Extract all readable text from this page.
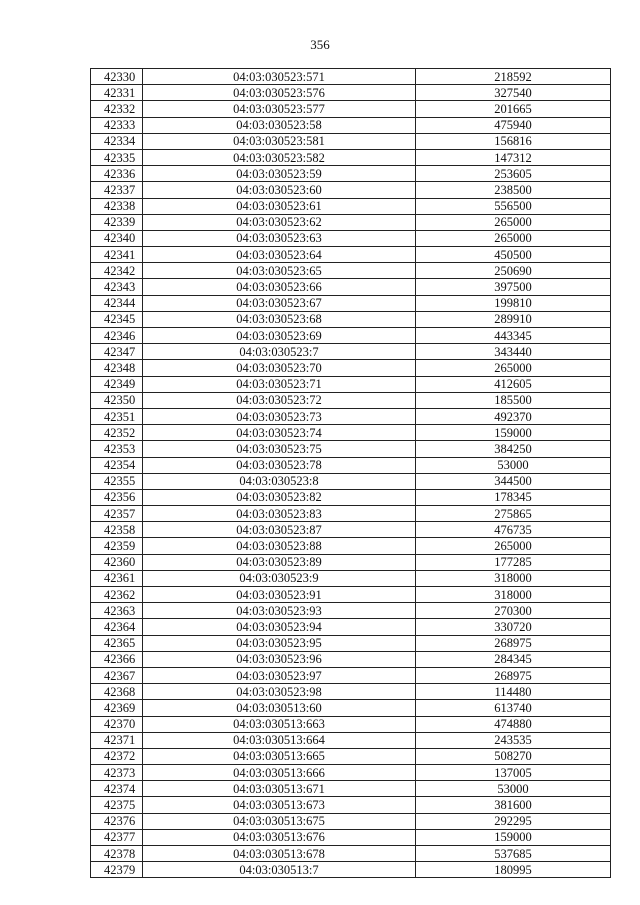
356
42330	04:03:030523:571	218592
42331	04:03:030523:576	327540
42332	04:03:030523:577	201665
42333	04:03:030523:58	475940
42334	04:03:030523:581	156816
42335	04:03:030523:582	147312
42336	04:03:030523:59	253605
42337	04:03:030523:60	238500
42338	04:03:030523:61	556500
42339	04:03:030523:62	265000
42340	04:03:030523:63	265000
42341	04:03:030523:64	450500
42342	04:03:030523:65	250690
42343	04:03:030523:66	397500
42344	04:03:030523:67	199810
42345	04:03:030523:68	289910
42346	04:03:030523:69	443345
42347	04:03:030523:7	343440
42348	04:03:030523:70	265000
42349	04:03:030523:71	412605
42350	04:03:030523:72	185500
42351	04:03:030523:73	492370
42352	04:03:030523:74	159000
42353	04:03:030523:75	384250
42354	04:03:030523:78	53000
42355	04:03:030523:8	344500
42356	04:03:030523:82	178345
42357	04:03:030523:83	275865
42358	04:03:030523:87	476735
42359	04:03:030523:88	265000
42360	04:03:030523:89	177285
42361	04:03:030523:9	318000
42362	04:03:030523:91	318000
42363	04:03:030523:93	270300
42364	04:03:030523:94	330720
42365	04:03:030523:95	268975
42366	04:03:030523:96	284345
42367	04:03:030523:97	268975
42368	04:03:030523:98	114480
42369	04:03:030513:60	613740
42370	04:03:030513:663	474880
42371	04:03:030513:664	243535
42372	04:03:030513:665	508270
42373	04:03:030513:666	137005
42374	04:03:030513:671	53000
42375	04:03:030513:673	381600
42376	04:03:030513:675	292295
42377	04:03:030513:676	159000
42378	04:03:030513:678	537685
42379	04:03:030513:7	180995
